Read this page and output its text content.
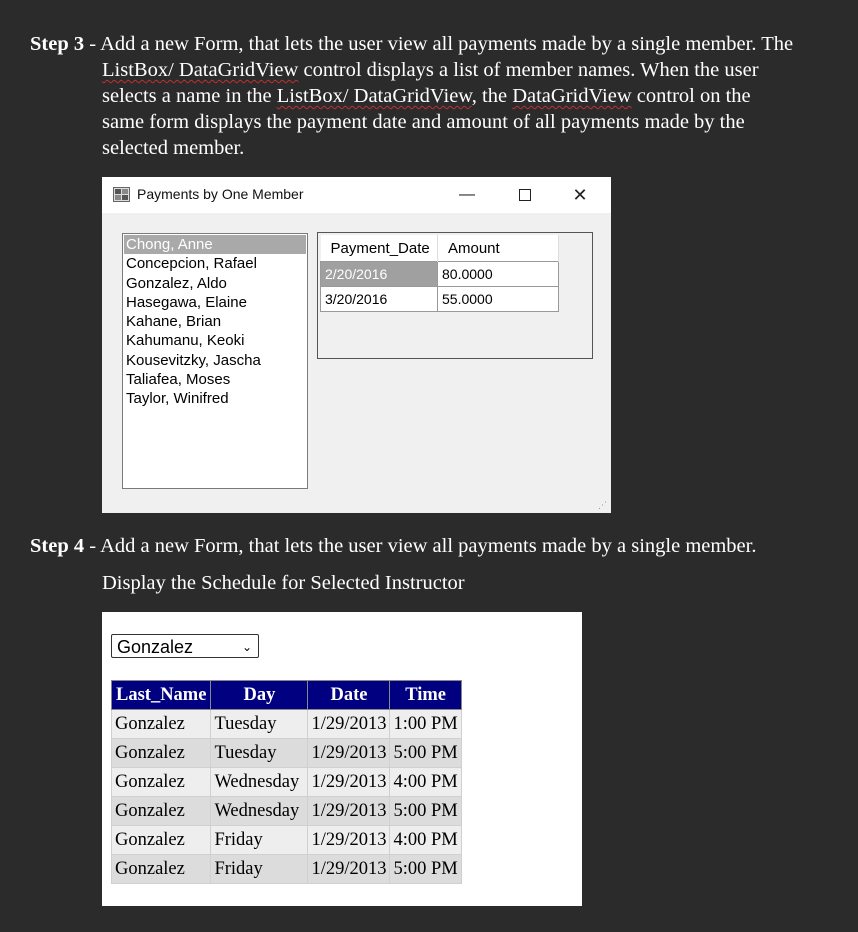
Step 3 - Add a new Form, that lets the user view all payments made by a single member. The
ListBox/ DataGridView control displays a list of member names. When the user
selects a name in the ListBox/ DataGridView, the DataGridView control on the
same form displays the payment date and amount of all payments made by the
selected member.
Payments by One Member	—	✕
Chong, Anne
Concepcion, Rafael
Gonzalez, Aldo
Hasegawa, Elaine
Kahane, Brian
Kahumanu, Keoki
Kousevitzky, Jascha
Taliafea, Moses
Taylor, Winifred
Payment_Date	Amount
2/20/2016	80.0000
3/20/2016	55.0000
⋰
Step 4 - Add a new Form, that lets the user view all payments made by a single member.
Display the Schedule for Selected Instructor
Gonzalez	⌄
Last_Name	Day	Date	Time
Gonzalez	Tuesday	1/29/2013	1:00 PM
Gonzalez	Tuesday	1/29/2013	5:00 PM
Gonzalez	Wednesday	1/29/2013	4:00 PM
Gonzalez	Wednesday	1/29/2013	5:00 PM
Gonzalez	Friday	1/29/2013	4:00 PM
Gonzalez	Friday	1/29/2013	5:00 PM
